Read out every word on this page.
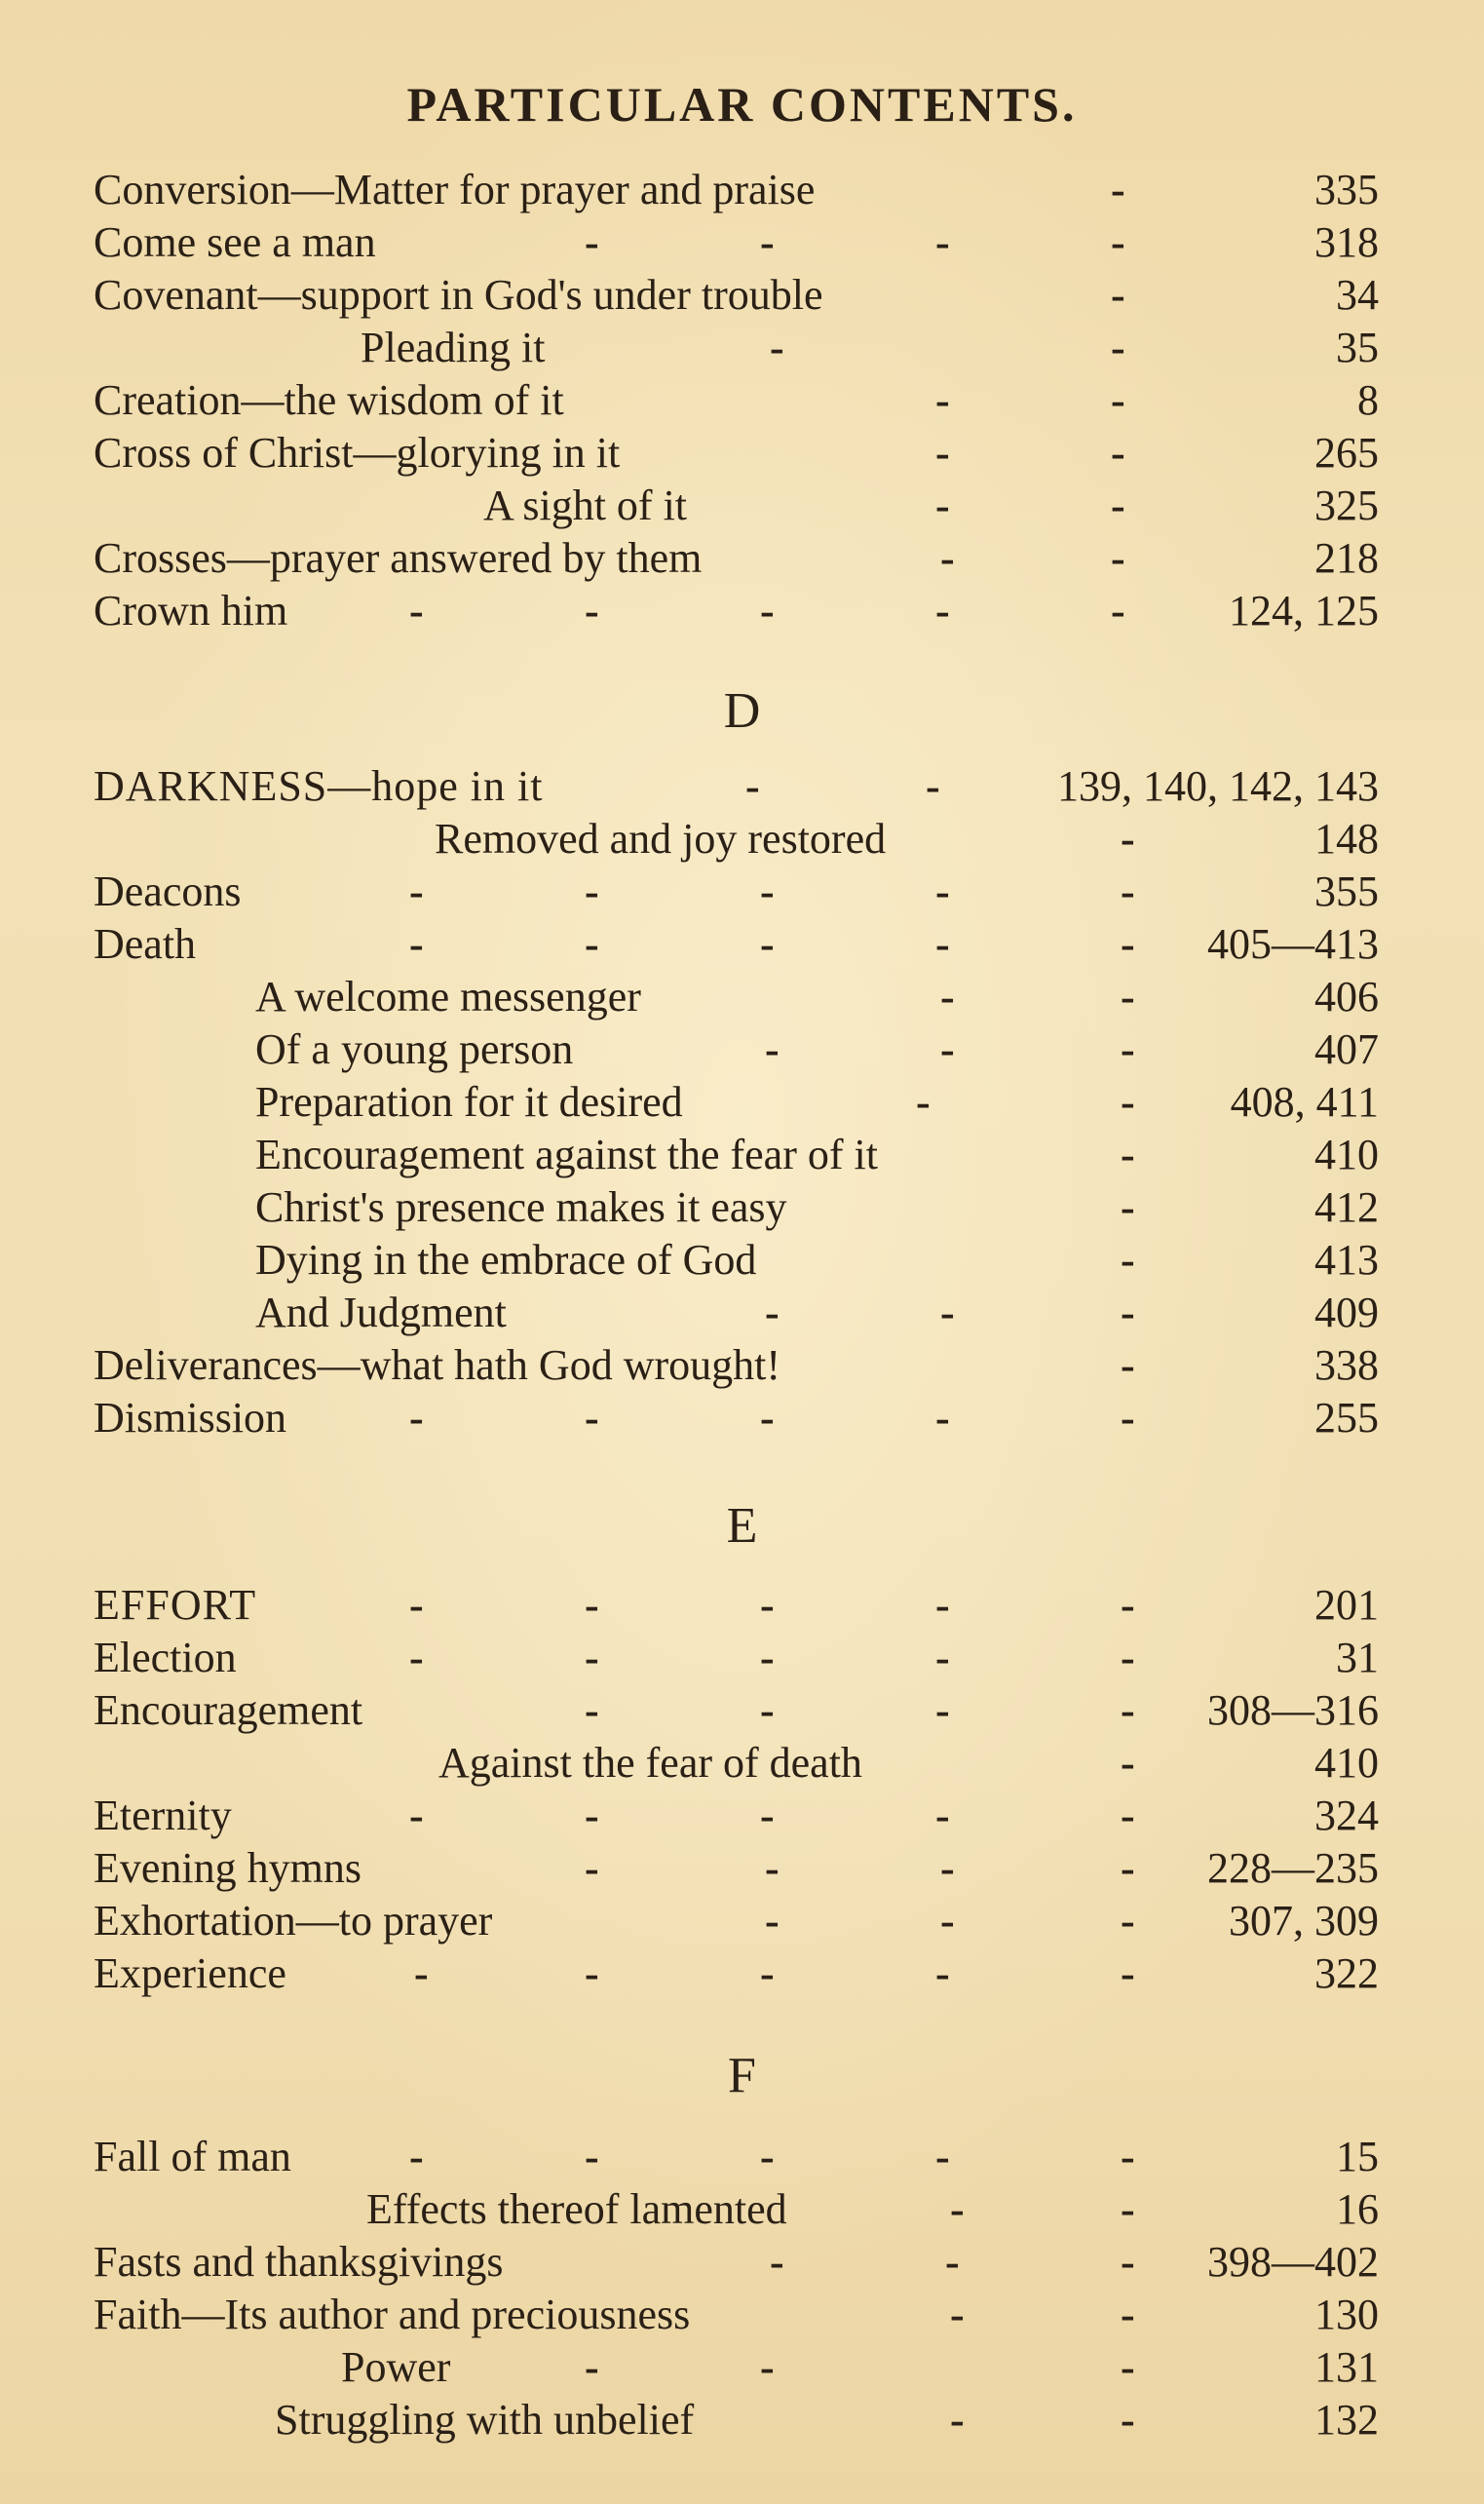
PARTICULAR CONTENTS.
Conversion—Matter for prayer and praise	-	335
Come see a man	-	-	-	-	318
Covenant—support in God's under trouble	-	34
Pleading it	-	-	35
Creation—the wisdom of it	-	-	8
Cross of Christ—glorying in it	-	-	265
A sight of it	-	-	325
Crosses—prayer answered by them	-	-	218
Crown him	-	-	-	-	- 124, 125
D
DARKNESS—hope in it	-	-	139, 140, 142, 143
Removed and joy restored	-	148
Deacons	-	-	-	-	-	355
Death	-	-	-	-	- 405—413
A welcome messenger	-	-	406
Of a young person	-	-	-	407
Preparation for it desired	-	- 408, 411
Encouragement against the fear of it	-	410
Christ's presence makes it easy	-	412
Dying in the embrace of God	-	413
And Judgment	-	-	-	409
Deliverances—what hath God wrought!	-	338
Dismission	-	-	-	-	-	255
E
EFFORT	-	-	-	-	-	201
Election	-	-	-	-	-	31
Encouragement	-	-	-	- 308—316
Against the fear of death	-	410
Eternity	-	-	-	-	-	324
Evening hymns	-	-	-	- 228—235
Exhortation—to prayer	-	-	- 307, 309
Experience	-	-	-	-	-	322
F
Fall of man	-	-	-	-	-	15
Effects thereof lamented	-	-	16
Fasts and thanksgivings	-	-	- 398—402
Faith—Its author and preciousness	-	-	130
Power	-	-	-	131
Struggling with unbelief	-	-	132
